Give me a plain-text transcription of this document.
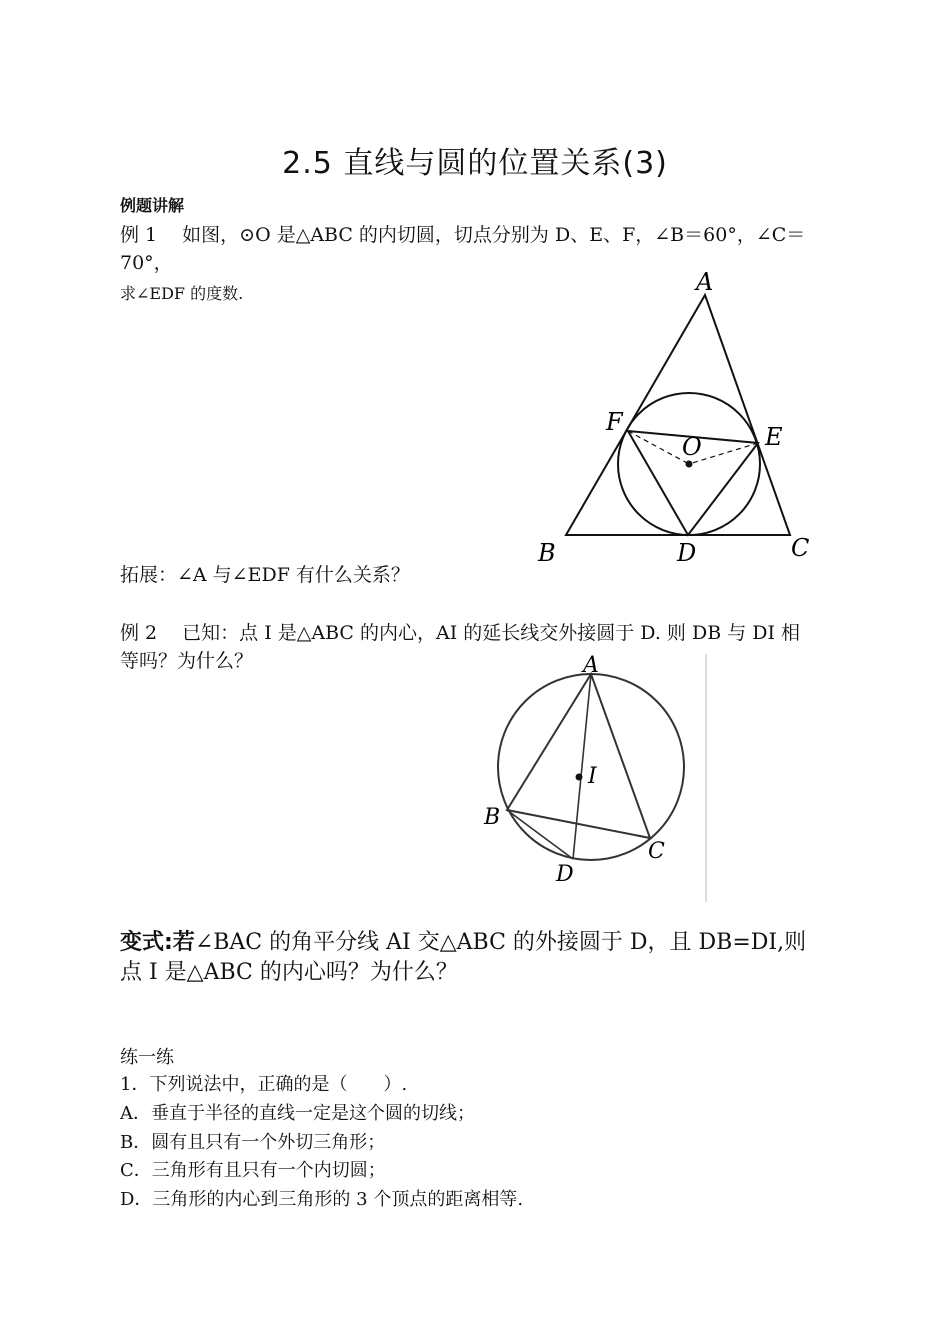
2.5 直线与圆的位置关系(3)
例题讲解
例 1　 如图，⊙O 是△ABC 的内切圆，切点分别为 D、E、F，∠B＝60°，∠C＝
70°，
求∠EDF 的度数.	A
B	C
D
E
F
O
拓展：∠A 与∠EDF 有什么关系？
例 2　 已知：点 I 是△ABC 的内心，AI 的延长线交外接圆于 D. 则 DB 与 DI 相
等吗？为什么？	A
B
C
D
I
变式:若∠BAC 的角平分线 AI 交△ABC 的外接圆于 D，且 DB=DI,则
点 I 是△ABC 的内心吗？为什么？
练一练
1．下列说法中，正确的是（　　）.
A．垂直于半径的直线一定是这个圆的切线；
B．圆有且只有一个外切三角形；
C．三角形有且只有一个内切圆；
D．三角形的内心到三角形的 3 个顶点的距离相等.
